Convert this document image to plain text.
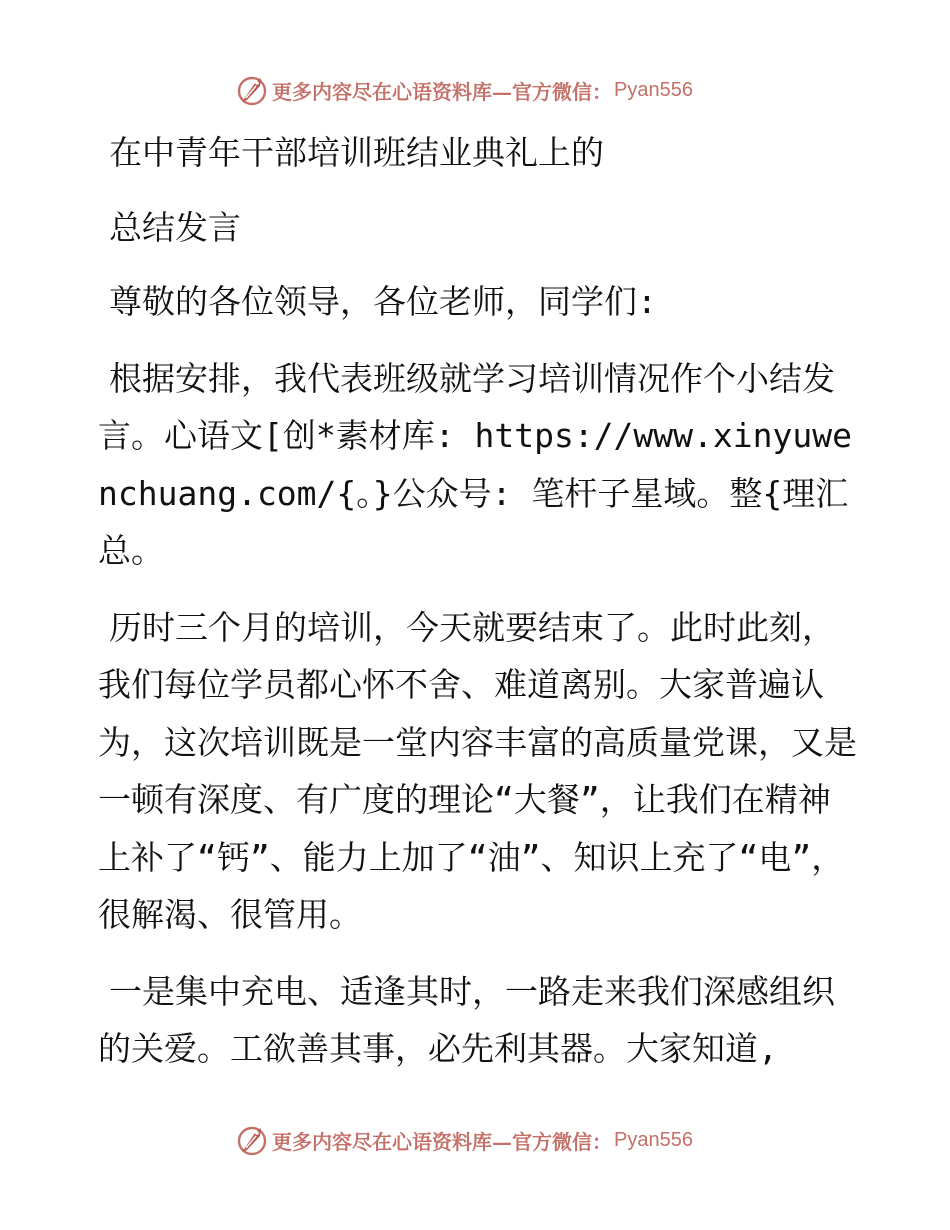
更多内容尽在心语资料库—官方微信： Pyan556

在中青年干部培训班结业典礼上的

总结发言

尊敬的各位领导，各位老师，同学们:

根据安排，我代表班级就学习培训情况作个小结发言。心语文[创*素材库: https://www.xinyuwenchuang.com/{。}公众号: 笔杆子星域。整{理汇总。

历时三个月的培训，今天就要结束了。此时此刻，我们每位学员都心怀不舍、难道离别。大家普遍认为，这次培训既是一堂内容丰富的高质量党课，又是一顿有深度、有广度的理论“大餐”，让我们在精神上补了“钙”、能力上加了“油”、知识上充了“电”，很解渴、很管用。

一是集中充电、适逢其时，一路走来我们深感组织的关爱。工欲善其事，必先利其器。大家知道,

更多内容尽在心语资料库—官方微信： Pyan556
